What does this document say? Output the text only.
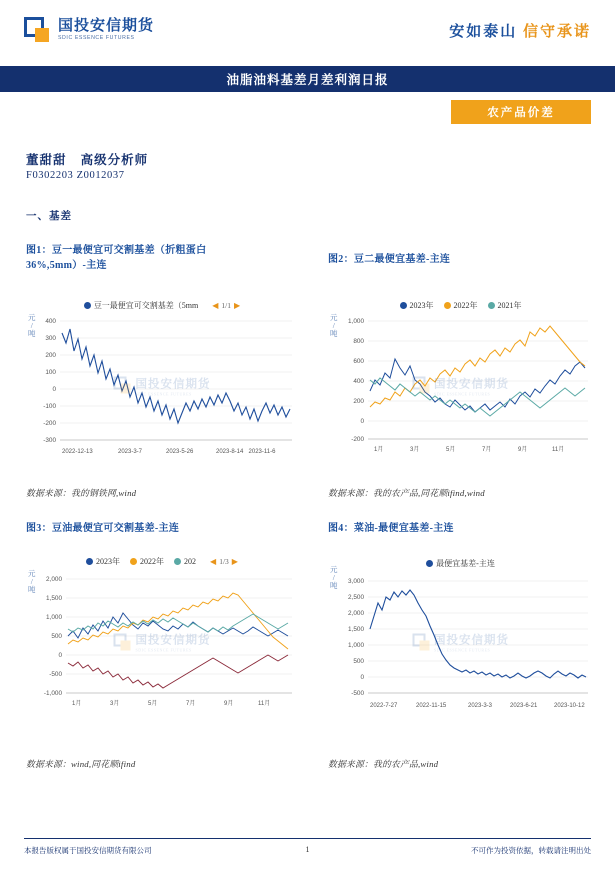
国投安信期货
SDIC ESSENCE FUTURES	安如泰山 信守承诺
油脂油料基差月差利润日报
农产品价差
董甜甜 高级分析师
F0302203 Z0012037
一、基差
图1：豆一最便宜可交割基差（折粗蛋白36%,5mm）-主连
豆一最便宜可交割基差（5mm ◀ 1/1 ▶
元
/
吨
国投安信期货
SDIC ESSENCE FUTURES
400
300
200
100
0
-100
-200
-300
2022-12-13	2023-3-7	2023-5-26	2023-8-14 2023-11-6
数据来源：我的钢铁网,wind
图2：豆二最便宜基差-主连
2023年	2022年	2021年
元
/
吨
国投安信期货
SDIC ESSENCE FUTURES
1,000
800
600
400
200
0
-200
1月	3月	5月	7月	9月	11月
数据来源：我的农产品,同花顺ifind,wind
图3：豆油最便宜可交割基差-主连
2023年	2022年	202 ◀ 1/3 ▶
元
/
吨
国投安信期货
SDIC ESSENCE FUTURES
2,000
1,500
1,000
500
0
-500
-1,000
1月	3月	5月	7月	9月	11月
数据来源：wind,同花顺ifind
图4：菜油-最便宜基差-主连
最便宜基差-主连
元
/
吨
国投安信期货
SDIC ESSENCE FUTURES
3,000
2,500
2,000
1,500
1,000
500
0
-500
2022-7-27	2022-11-15	2023-3-3	2023-6-21	2023-10-12
数据来源：我的农产品,wind
本报告版权属于国投安信期货有限公司	1	不可作为投资依据，转载请注明出处
